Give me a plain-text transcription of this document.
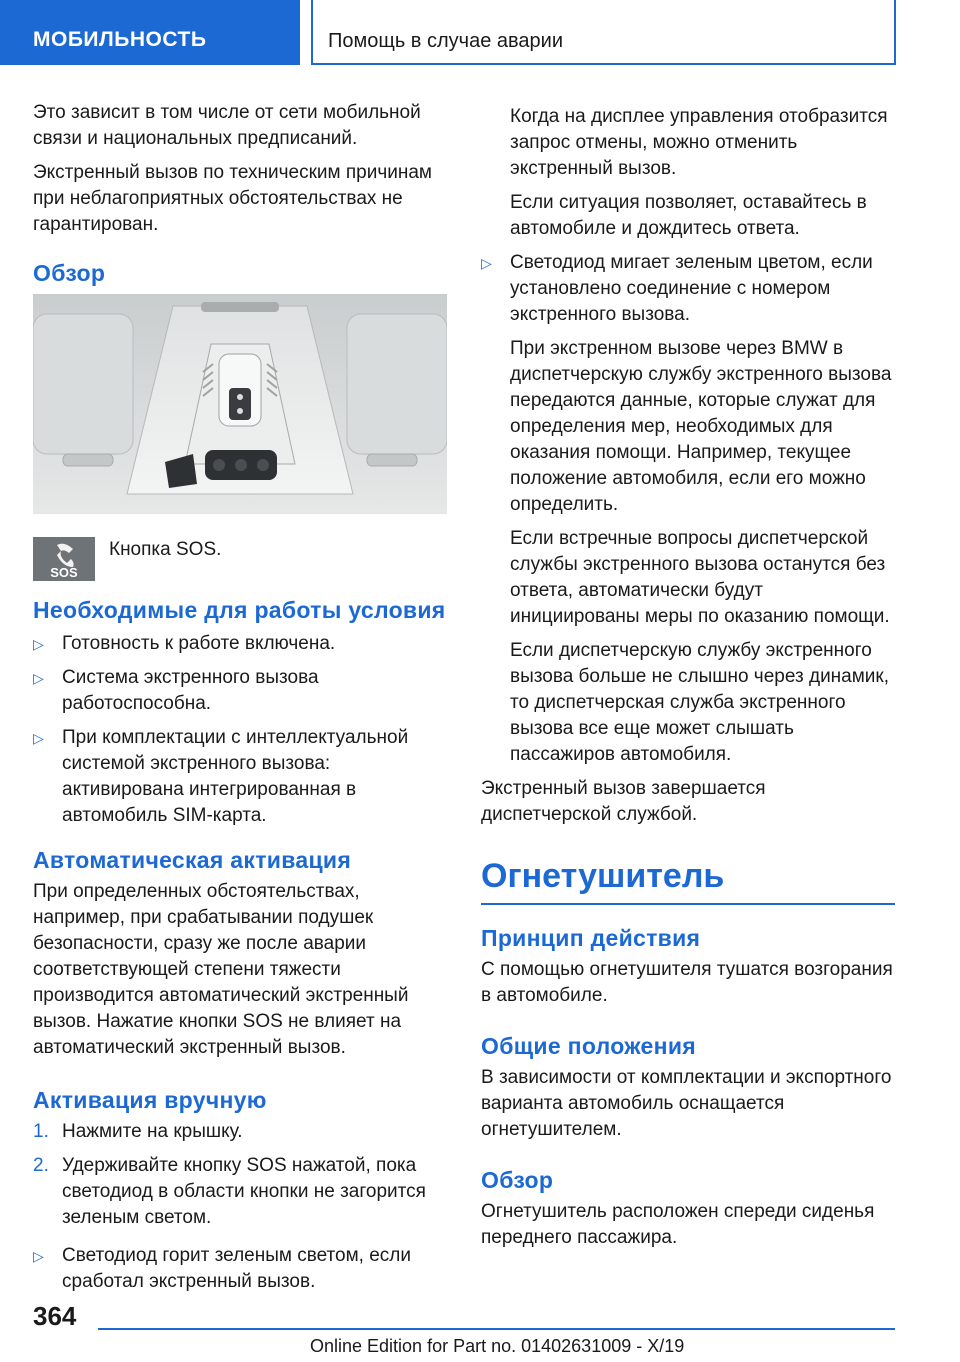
МОБИЛЬНОСТЬ	Помощь в случае аварии

Это зависит в том числе от сети мобильной связи и национальных предписаний.

Экстренный вызов по техническим причинам при неблагоприятных обстоятельствах не гарантирован.

Обзор
SOS
Кнопка SOS.
Необходимые для работы условия
▷ Готовность к работе включена.
▷ Система экстренного вызова работоспособна.
▷ При комплектации с интеллектуальной системой экстренного вызова: активирована интегрированная в автомобиль SIM-карта.
Автоматическая активация

При определенных обстоятельствах, например, при срабатывании подушек безопасности, сразу же после аварии соответствующей степени тяжести производится автоматический экстренный вызов. Нажатие кнопки SOS не влияет на автоматический экстренный вызов.

Активация вручную
1. Нажмите на крышку.
2. Удерживайте кнопку SOS нажатой, пока светодиод в области кнопки не загорится зеленым светом.
▷ Светодиод горит зеленым светом, если сработал экстренный вызов.

Когда на дисплее управления отобразится запрос отмены, можно отменить экстренный вызов.

Если ситуация позволяет, оставайтесь в автомобиле и дождитесь ответа.

▷ Светодиод мигает зеленым цветом, если установлено соединение с номером экстренного вызова.

При экстренном вызове через BMW в диспетчерскую службу экстренного вызова передаются данные, которые служат для определения мер, необходимых для оказания помощи. Например, текущее положение автомобиля, если его можно определить.

Если встречные вопросы диспетчерской службы экстренного вызова останутся без ответа, автоматически будут инициированы меры по оказанию помощи.

Если диспетчерскую службу экстренного вызова больше не слышно через динамик, то диспетчерская служба экстренного вызова все еще может слышать пассажиров автомобиля.

Экстренный вызов завершается диспетчерской службой.

Огнетушитель
Принцип действия

С помощью огнетушителя тушатся возгорания в автомобиле.

Общие положения

В зависимости от комплектации и экспортного варианта автомобиль оснащается огнетушителем.

Обзор

Огнетушитель расположен спереди сиденья переднего пассажира.

364
Online Edition for Part no. 01402631009 - X/19
